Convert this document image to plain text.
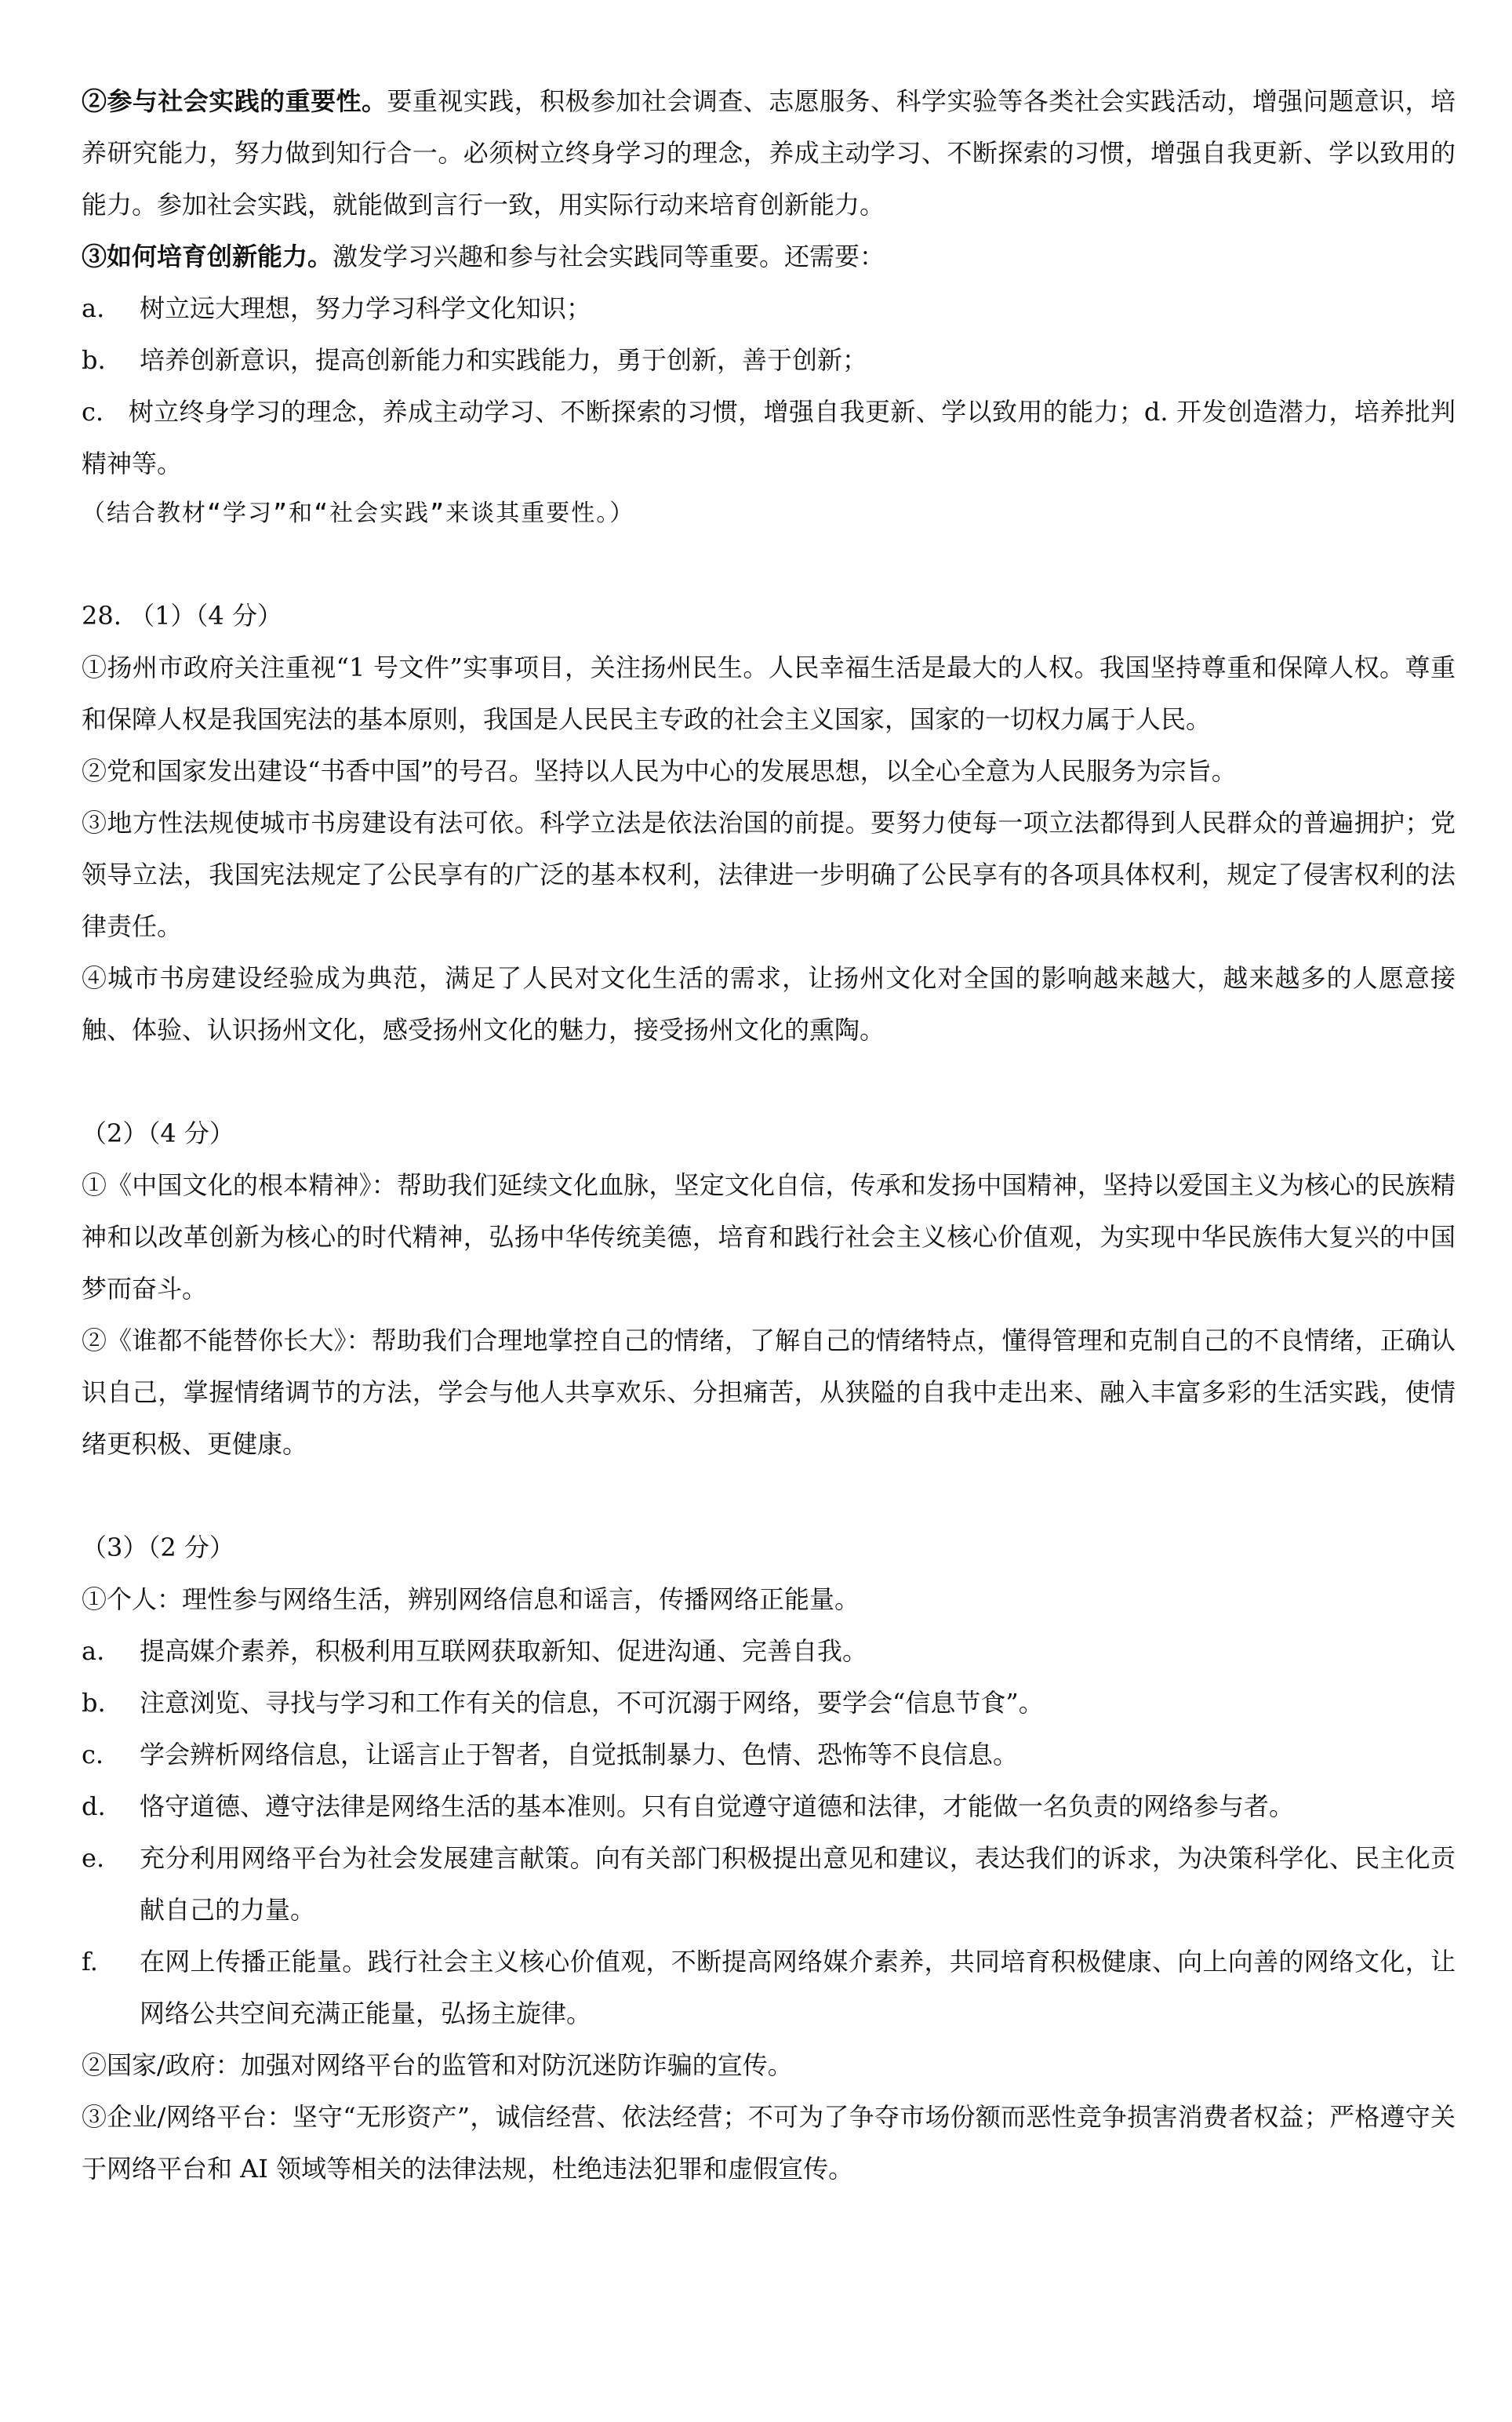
②参与社会实践的重要性。要重视实践，积极参加社会调查、志愿服务、科学实验等各类社会实践活动，增强问题意识，培养研究能力，努力做到知行合一。必须树立终身学习的理念，养成主动学习、不断探索的习惯，增强自我更新、学以致用的能力。参加社会实践，就能做到言行一致，用实际行动来培育创新能力。

③如何培育创新能力。激发学习兴趣和参与社会实践同等重要。还需要：

a.	树立远大理想，努力学习科学文化知识；
b.	培养创新意识，提高创新能力和实践能力，勇于创新，善于创新；

c. 树立终身学习的理念，养成主动学习、不断探索的习惯，增强自我更新、学以致用的能力；d. 开发创造潜力，培养批判精神等。

（结合教材“学习”和“社会实践”来谈其重要性。）

28. （1）（4 分）

①扬州市政府关注重视“1 号文件”实事项目，关注扬州民生。人民幸福生活是最大的人权。我国坚持尊重和保障人权。尊重和保障人权是我国宪法的基本原则，我国是人民民主专政的社会主义国家，国家的一切权力属于人民。

②党和国家发出建设“书香中国”的号召。坚持以人民为中心的发展思想，以全心全意为人民服务为宗旨。

③地方性法规使城市书房建设有法可依。科学立法是依法治国的前提。要努力使每一项立法都得到人民群众的普遍拥护；党领导立法，我国宪法规定了公民享有的广泛的基本权利，法律进一步明确了公民享有的各项具体权利，规定了侵害权利的法律责任。

④城市书房建设经验成为典范，满足了人民对文化生活的需求，让扬州文化对全国的影响越来越大，越来越多的人愿意接触、体验、认识扬州文化，感受扬州文化的魅力，接受扬州文化的熏陶。

（2）（4 分）

①《中国文化的根本精神》：帮助我们延续文化血脉，坚定文化自信，传承和发扬中国精神，坚持以爱国主义为核心的民族精神和以改革创新为核心的时代精神，弘扬中华传统美德，培育和践行社会主义核心价值观，为实现中华民族伟大复兴的中国梦而奋斗。

②《谁都不能替你长大》：帮助我们合理地掌控自己的情绪，了解自己的情绪特点，懂得管理和克制自己的不良情绪，正确认识自己，掌握情绪调节的方法，学会与他人共享欢乐、分担痛苦，从狭隘的自我中走出来、融入丰富多彩的生活实践，使情绪更积极、更健康。

（3）（2 分）

①个人：理性参与网络生活，辨别网络信息和谣言，传播网络正能量。

a.	提高媒介素养，积极利用互联网获取新知、促进沟通、完善自我。
b.	注意浏览、寻找与学习和工作有关的信息，不可沉溺于网络，要学会“信息节食”。
c.	学会辨析网络信息，让谣言止于智者，自觉抵制暴力、色情、恐怖等不良信息。
d.	恪守道德、遵守法律是网络生活的基本准则。只有自觉遵守道德和法律，才能做一名负责的网络参与者。
e.	充分利用网络平台为社会发展建言献策。向有关部门积极提出意见和建议，表达我们的诉求，为决策科学化、民主化贡献自己的力量。
f.	在网上传播正能量。践行社会主义核心价值观，不断提高网络媒介素养，共同培育积极健康、向上向善的网络文化，让网络公共空间充满正能量，弘扬主旋律。

②国家/政府：加强对网络平台的监管和对防沉迷防诈骗的宣传。

③企业/网络平台：坚守“无形资产”，诚信经营、依法经营；不可为了争夺市场份额而恶性竞争损害消费者权益；严格遵守关于网络平台和 AI 领域等相关的法律法规，杜绝违法犯罪和虚假宣传。
